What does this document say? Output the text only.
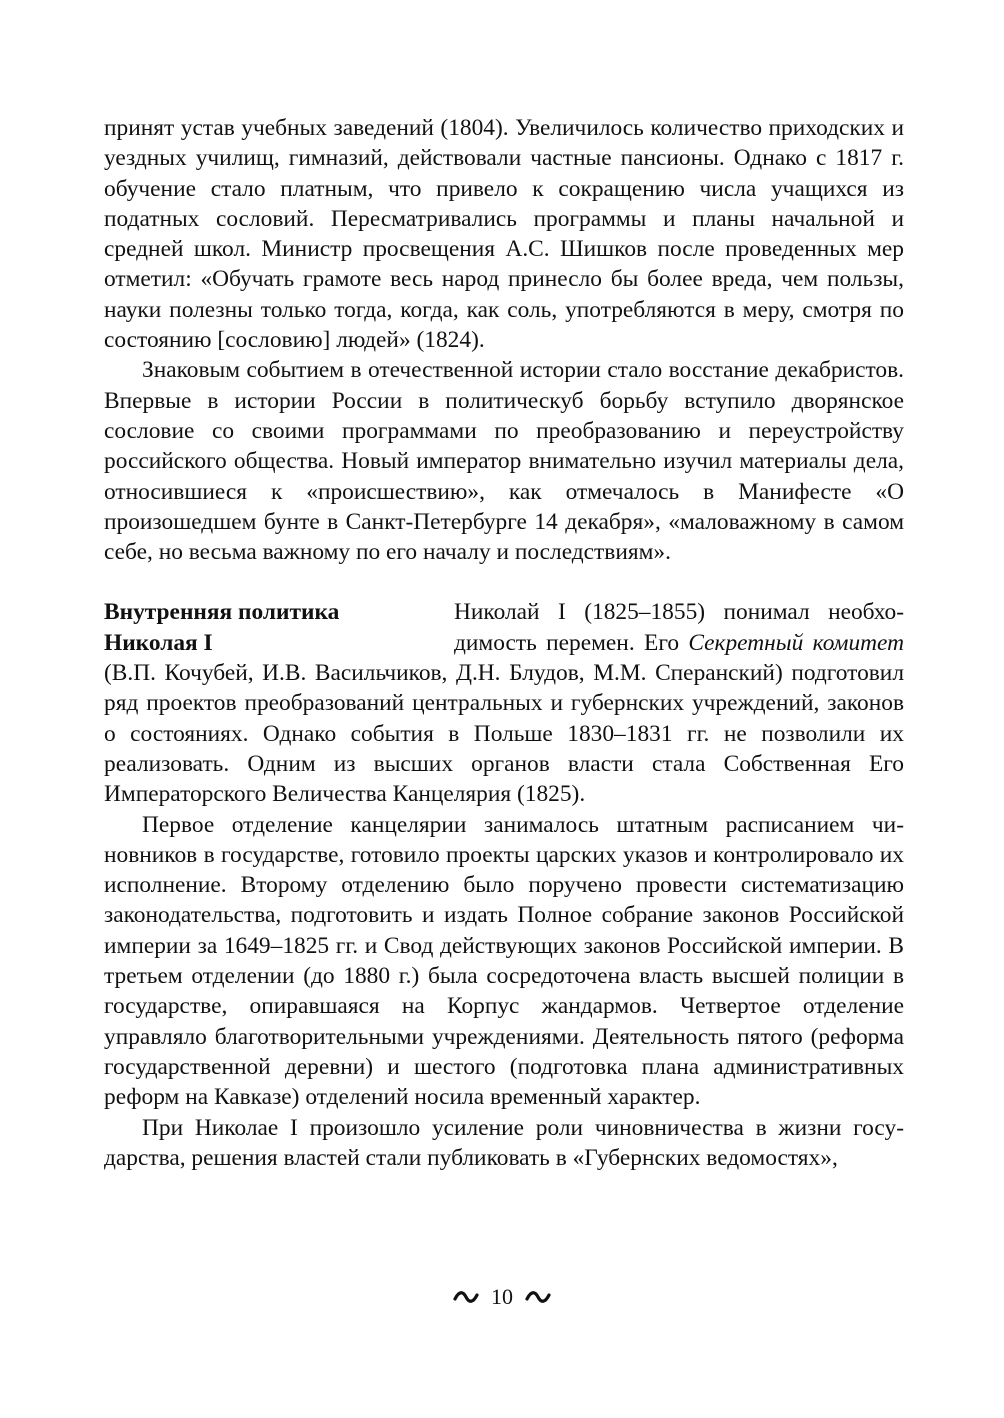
принят устав учебных заведений (1804). Увеличилось количество приходских и уездных училищ, гимназий, действовали частные пансионы. Однако с 1817 г. обучение стало платным, что привело к сокращению числа учащихся из податных сословий. Пересматривались программы и планы начальной и средней школ. Министр просвещения А.С. Шишков после проведенных мер отметил: «Обучать грамоте весь народ принесло бы более вреда, чем пользы, науки полезны только тогда, когда, как соль, употребляются в меру, смотря по состоянию [сословию] людей» (1824).

Знаковым событием в отечественной истории стало восстание декабристов. Впервые в истории России в политическуб борьбу вступило дворянское сословие со своими программами по преобразованию и переустройству российского общества. Новый император внимательно изучил материалы дела, относившиеся к «происшествию», как отмечалось в Манифесте «О произошедшем бунте в Санкт-Петербурге 14 декабря», «маловажному в самом себе, но весьма важному по его началу и последствиям».

Внутренняя политика
Николая I

Николай I (1825–1855) понимал необходимость перемен. Его Секретный комитет (В.П. Кочубей, И.В. Васильчиков, Д.Н. Блудов, М.М. Сперанский) подготовил ряд проектов преобразований центральных и губернских учреждений, законов о состояниях. Однако события в Польше 1830–1831 гг. не позволили их реализовать. Одним из высших органов власти стала Собственная Его Императорского Величества Канцелярия (1825).

Первое отделение канцелярии занималось штатным расписанием чиновников в государстве, готовило проекты царских указов и контролировало их исполнение. Второму отделению было поручено провести систематизацию законодательства, подготовить и издать Полное собрание законов Российской империи за 1649–1825 гг. и Свод действующих законов Российской империи. В третьем отделении (до 1880 г.) была сосредоточена власть высшей полиции в государстве, опиравшаяся на Корпус жандармов. Четвертое отделение управляло благотворительными учреждениями. Деятельность пятого (реформа государственной деревни) и шестого (подготовка плана административных реформ на Кавказе) отделений носила временный характер.

При Николае I произошло усиление роли чиновничества в жизни государства, решения властей стали публиковать в «Губернских ведомостях»,

10
